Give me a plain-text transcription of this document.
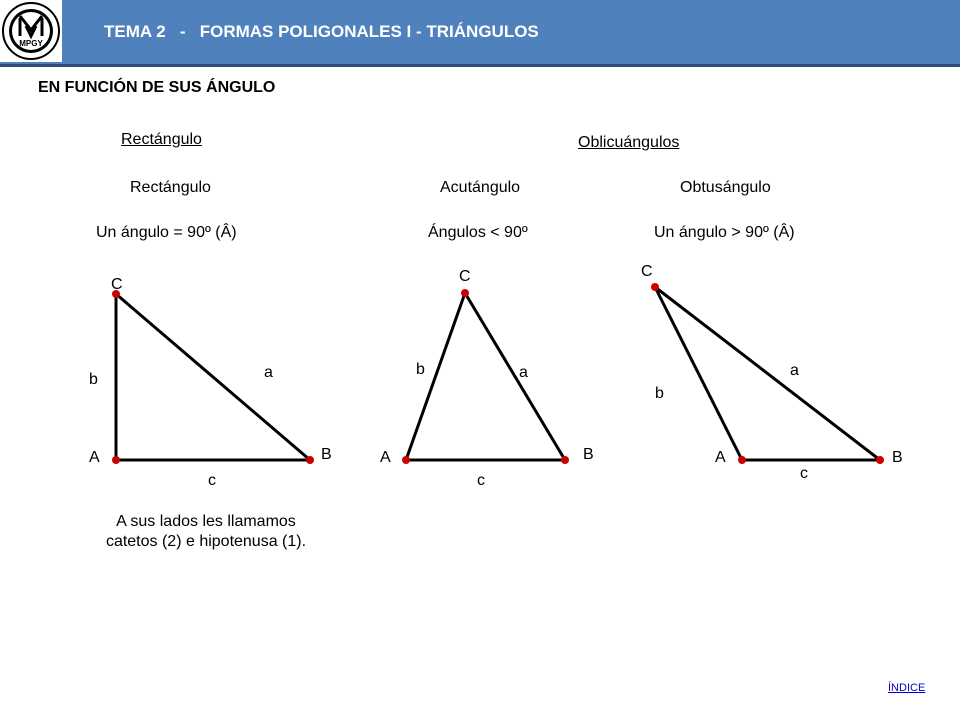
MPGY
TEMA 2   -   FORMAS POLIGONALES I - TRIÁNGULOS
EN FUNCIÓN DE SUS ÁNGULO
Rectángulo	Oblicuángulos
Rectángulo	Acutángulo	Obtusángulo
Un ángulo = 90º (Â)	Ángulos < 90º	Un ángulo > 90º (Â)
C
A	B
b	a
c
C
A	B
b	a
c
C
A	B
b
a
c
A sus lados les llamamos catetos (2) e hipotenusa (1).
ÍNDICE
